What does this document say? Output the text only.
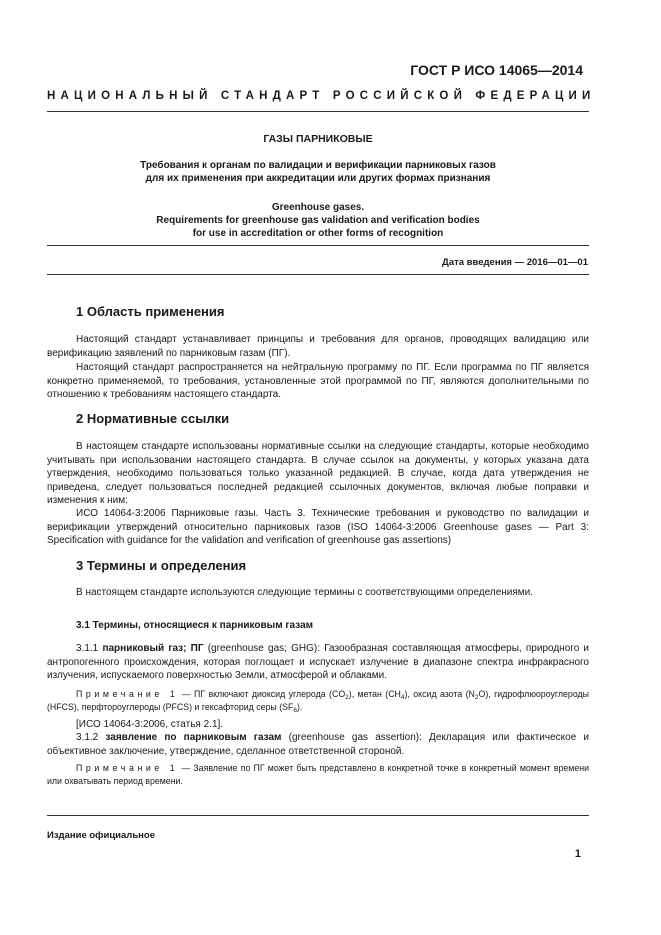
ГОСТ Р ИСО 14065—2014
НАЦИОНАЛЬНЫЙ СТАНДАРТ РОССИЙСКОЙ ФЕДЕРАЦИИ
ГАЗЫ ПАРНИКОВЫЕ
Требования к органам по валидации и верификации парниковых газов
для их применения при аккредитации или других формах признания
Greenhouse gases.
Requirements for greenhouse gas validation and verification bodies
for use in accreditation or other forms of recognition
Дата введения — 2016—01—01
1 Область применения
Настоящий стандарт устанавливает принципы и требования для органов, проводящих валидацию или верификацию заявлений по парниковым газам (ПГ).
Настоящий стандарт распространяется на нейтральную программу по ПГ. Если программа по ПГ является конкретно применяемой, то требования, установленные этой программой по ПГ, являются дополнительными по отношению к требованиям настоящего стандарта.
2 Нормативные ссылки
В настоящем стандарте использованы нормативные ссылки на следующие стандарты, которые необходимо учитывать при использовании настоящего стандарта. В случае ссылок на документы, у которых указана дата утверждения, необходимо пользоваться только указанной редакцией. В случае, когда дата утверждения не приведена, следует пользоваться последней редакцией ссылочных документов, включая любые поправки и изменения к ним:
ИСО 14064-3:2006 Парниковые газы. Часть 3. Технические требования и руководство по валидации и верификации утверждений относительно парниковых газов (ISO 14064-3:2006 Greenhouse gases — Part 3: Specification with guidance for the validation and verification of greenhouse gas assertions)
3 Термины и определения
В настоящем стандарте используются следующие термины с соответствующими определениями.
3.1 Термины, относящиеся к парниковым газам
3.1.1 парниковый газ; ПГ (greenhouse gas; GHG): Газообразная составляющая атмосферы, природного и антропогенного происхождения, которая поглощает и испускает излучение в диапазоне спектра инфракрасного излучения, испускаемого поверхностью Земли, атмосферой и облаками.
Примечание 1 — ПГ включают диоксид углерода $(CO_2)$, метан $(CH_4)$, оксид азота $(N_2O)$, гидрофлюороуглероды (HFCS), перфтороуглероды (PFCS) и гексафторид серы $(SF_6)$.
[ИСО 14064-3:2006, статья 2.1].
3.1.2 заявление по парниковым газам (greenhouse gas assertion): Декларация или фактическое и объективное заключение, утверждение, сделанное ответственной стороной.
Примечание 1 — Заявление по ПГ может быть представлено в конкретной точке в конкретный момент времени или охватывать период времени.
Издание официальное
1
